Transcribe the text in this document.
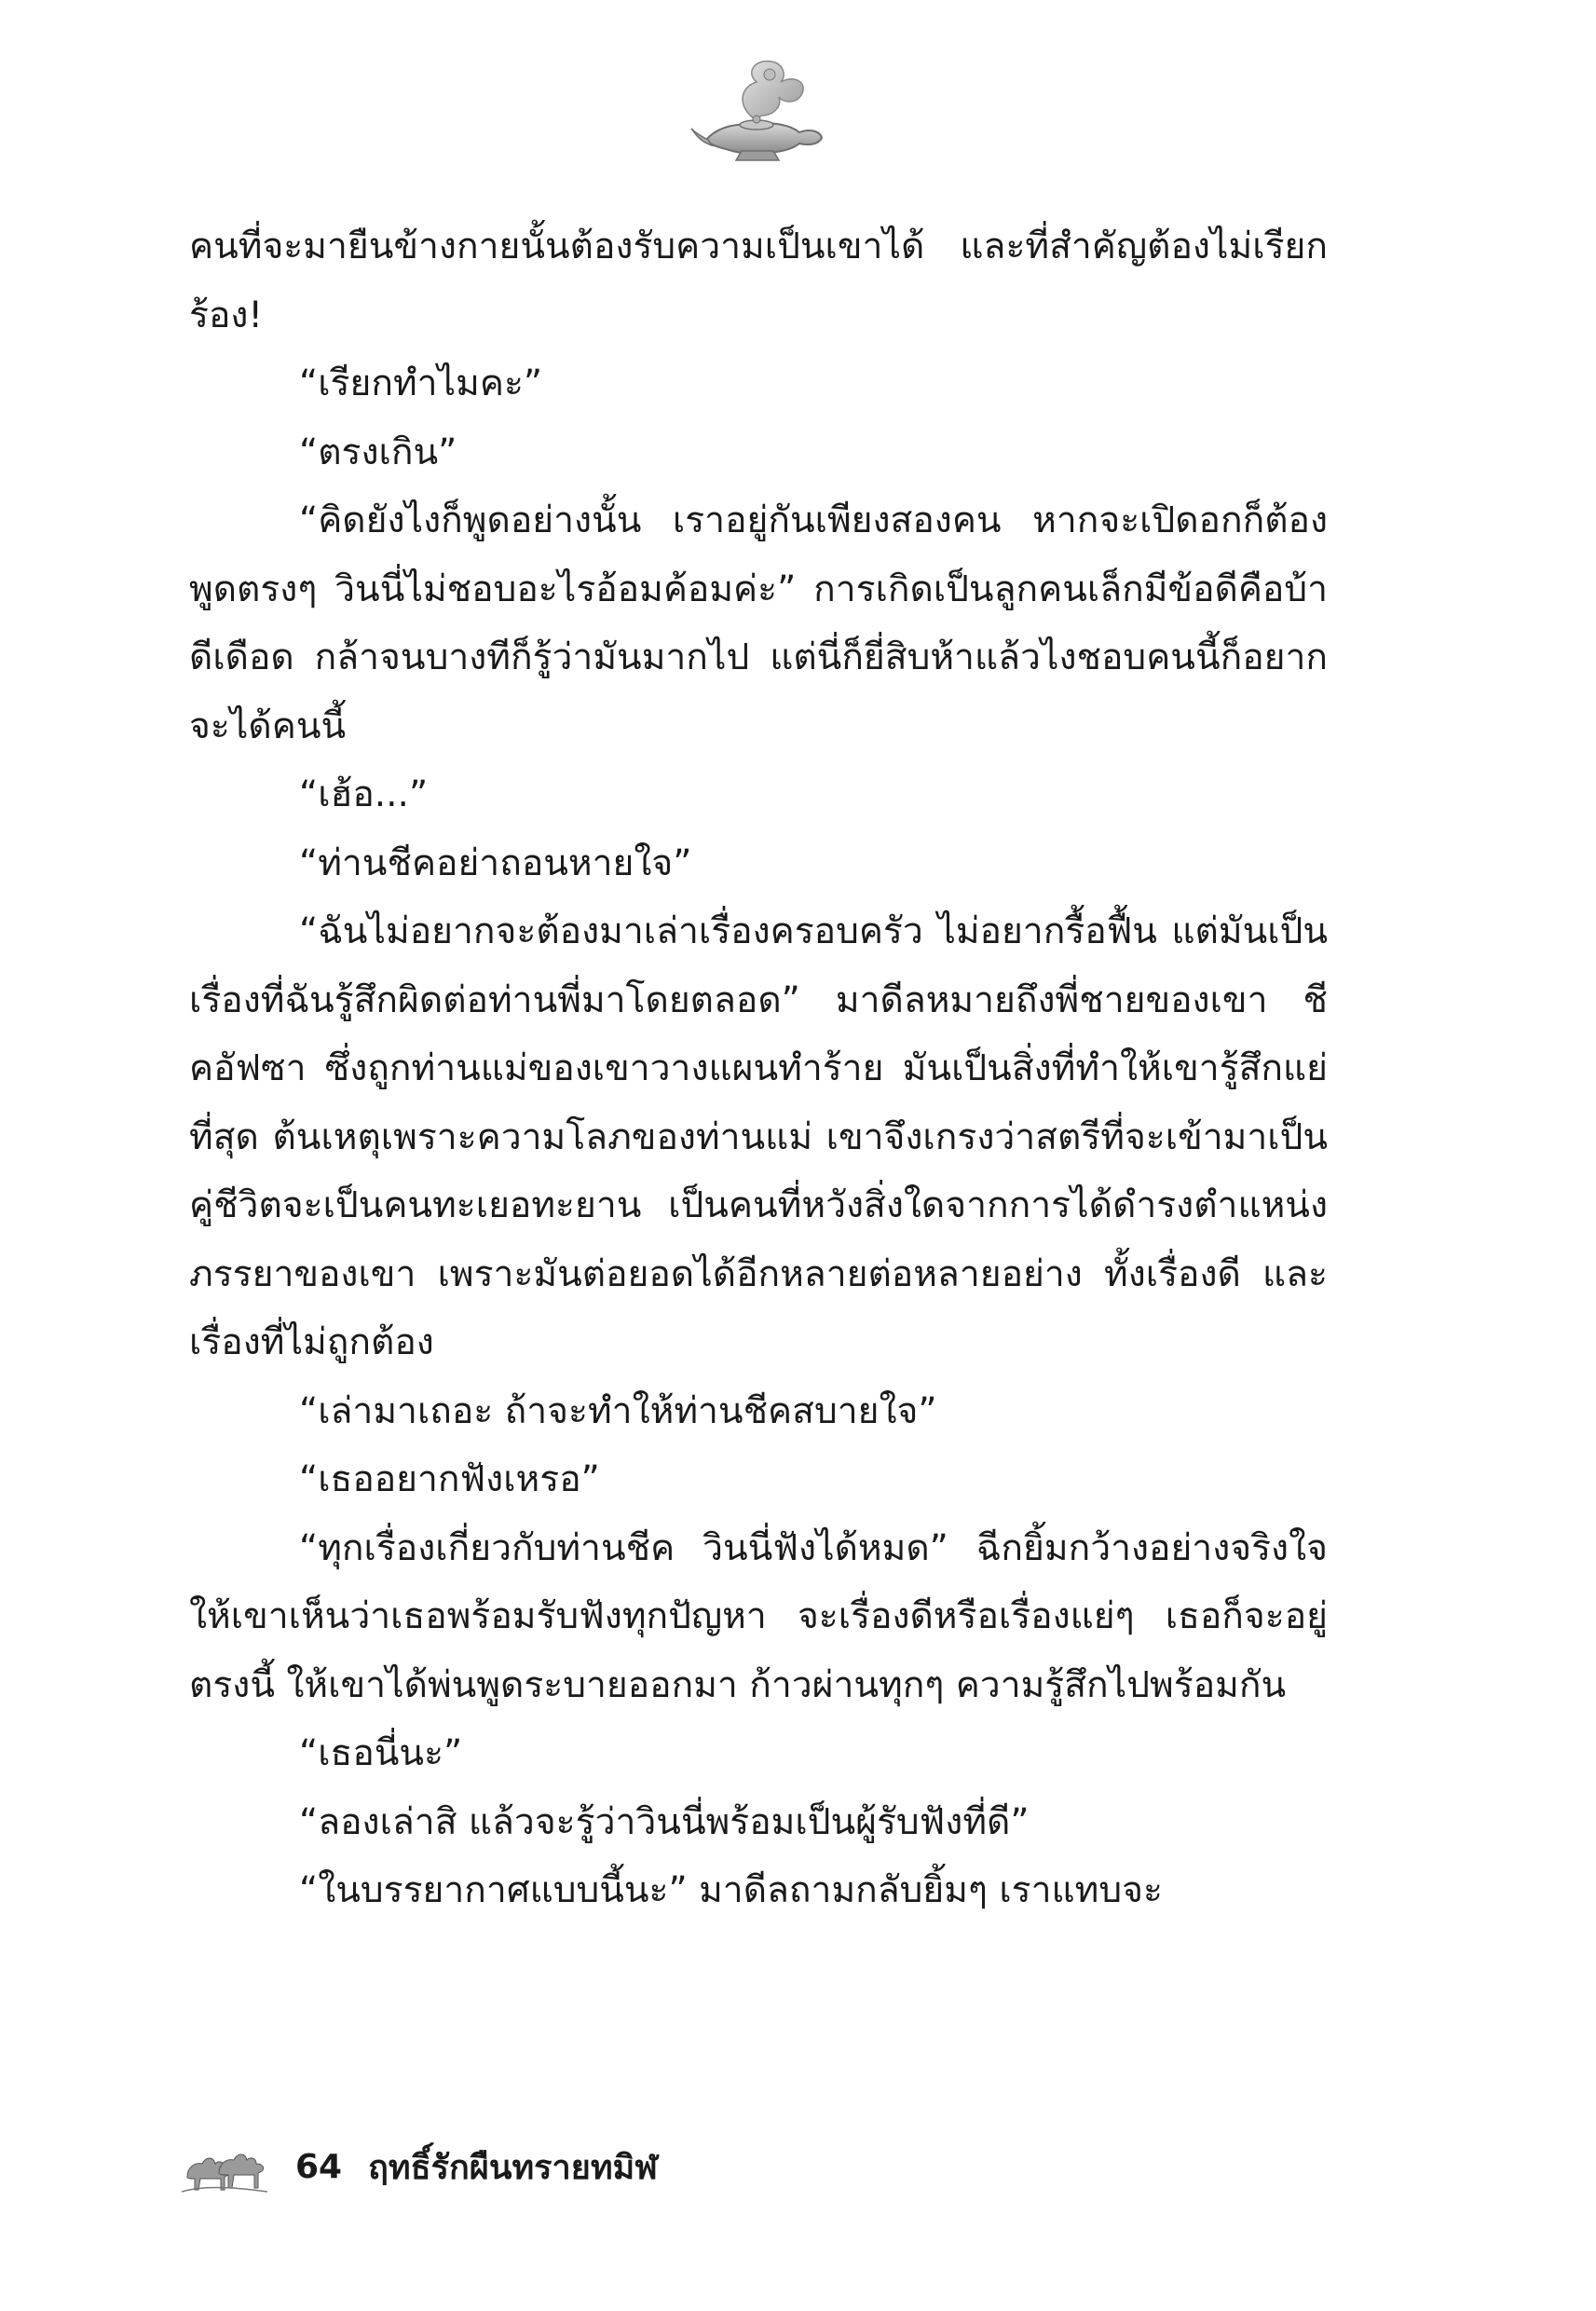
คนที่จะมายืนข้างกายนั้นต้องรับความเป็นเขาได้ และที่สำคัญต้องไม่เรียกร้อง!

“เรียกทำไมคะ”

“ตรงเกิน”

“คิดยังไงก็พูดอย่างนั้น เราอยู่กันเพียงสองคน หากจะเปิดอกก็ต้องพูดตรงๆ วินนี่ไม่ชอบอะไรอ้อมค้อมค่ะ” การเกิดเป็นลูกคนเล็กมีข้อดีคือบ้าดีเดือด กล้าจนบางทีก็รู้ว่ามันมากไป แต่นี่ก็ยี่สิบห้าแล้วไงชอบคนนี้ก็อยากจะได้คนนี้

“เฮ้อ...”

“ท่านชีคอย่าถอนหายใจ”

“ฉันไม่อยากจะต้องมาเล่าเรื่องครอบครัว ไม่อยากรื้อฟื้น แต่มันเป็นเรื่องที่ฉันรู้สึกผิดต่อท่านพี่มาโดยตลอด” มาดีลหมายถึงพี่ชายของเขา ชีคอัฟซา ซึ่งถูกท่านแม่ของเขาวางแผนทำร้าย มันเป็นสิ่งที่ทำให้เขารู้สึกแย่ที่สุด ต้นเหตุเพราะความโลภของท่านแม่ เขาจึงเกรงว่าสตรีที่จะเข้ามาเป็นคู่ชีวิตจะเป็นคนทะเยอทะยาน เป็นคนที่หวังสิ่งใดจากการได้ดำรงตำแหน่งภรรยาของเขา เพราะมันต่อยอดได้อีกหลายต่อหลายอย่าง ทั้งเรื่องดี และเรื่องที่ไม่ถูกต้อง

“เล่ามาเถอะ ถ้าจะทำให้ท่านชีคสบายใจ”

“เธออยากฟังเหรอ”

“ทุกเรื่องเกี่ยวกับท่านชีค วินนี่ฟังได้หมด” ฉีกยิ้มกว้างอย่างจริงใจให้เขาเห็นว่าเธอพร้อมรับฟังทุกปัญหา จะเรื่องดีหรือเรื่องแย่ๆ เธอก็จะอยู่ตรงนี้ ให้เขาได้พ่นพูดระบายออกมา ก้าวผ่านทุกๆ ความรู้สึกไปพร้อมกัน

“เธอนี่นะ”

“ลองเล่าสิ แล้วจะรู้ว่าวินนี่พร้อมเป็นผู้รับฟังที่ดี”

“ในบรรยากาศแบบนี้นะ” มาดีลถามกลับยิ้มๆ เราแทบจะ

64 ฤทธิ์รักผืนทรายทมิฬ
